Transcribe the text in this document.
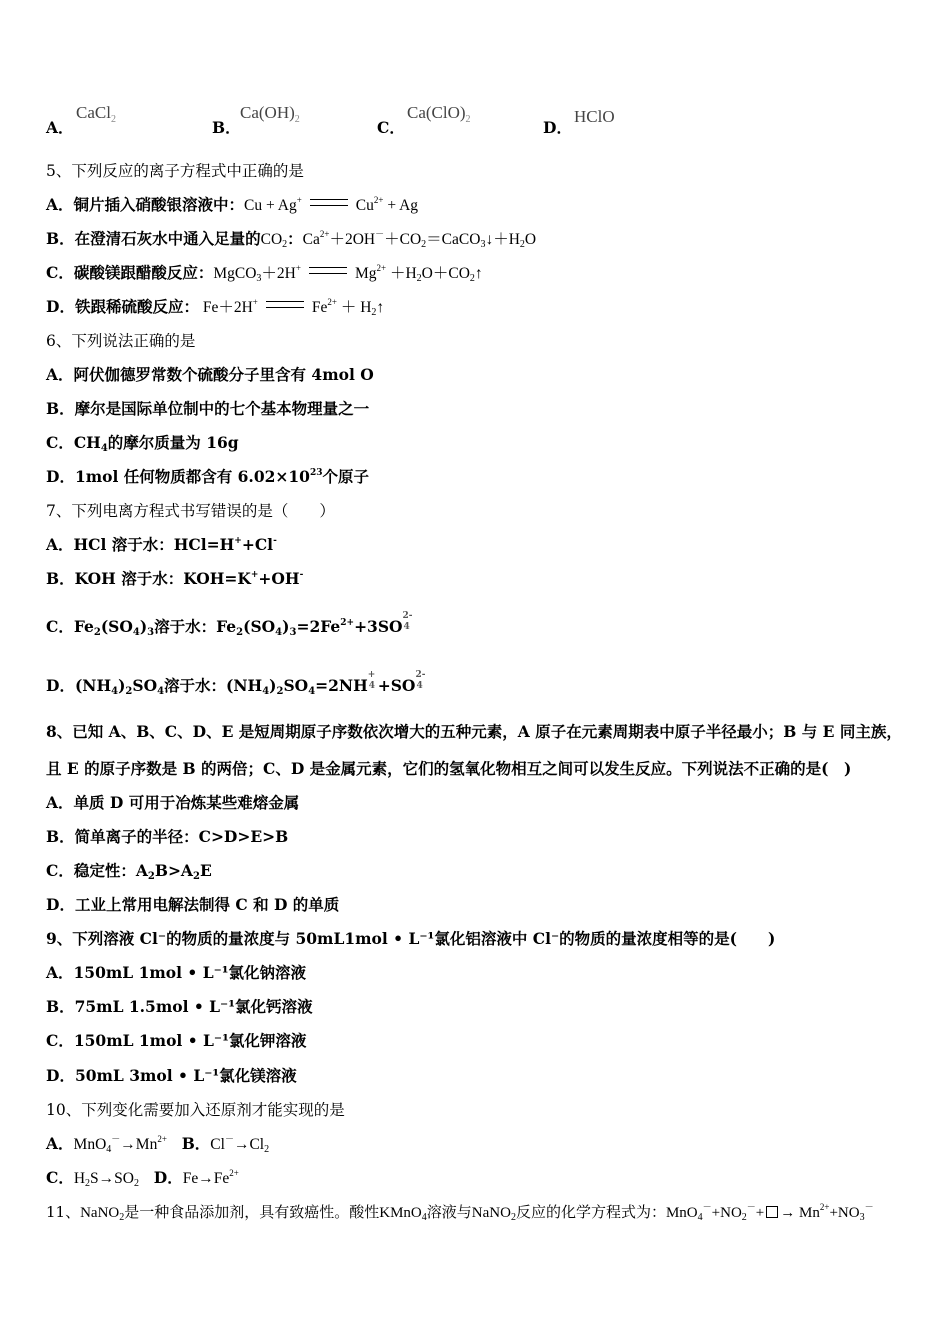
A．
CaCl$_2$	B．
$Ca(OH)_2$	C．
$Ca(ClO)_2$	D．
HClO
5、下列反应的离子方程式中正确的是
A．铜片插入硝酸银溶液中：Cu + Ag+	$Cu^{2+} + Ag$
B．在澄清石灰水中通入足量的$CO_2$：$Ca^{2+}+2OH^-+CO_2=CaCO_3↓+H_2O$
C．碳酸镁跟醋酸反应：MgCO$_3$＋2H+	$Mg^{2+}$ $+H_2O+CO_2↑$
D．铁跟稀硫酸反应： Fe＋2H+	$Fe^{2+}$ ＋ $H_2↑$
6、下列说法正确的是
A．阿伏伽德罗常数个硫酸分子里含有 4mol O
B．摩尔是国际单位制中的七个基本物理量之一
C．$CH_4$的摩尔质量为 16g
D．1mol 任何物质都含有 $6.02\times 10^{23}$个原子
7、下列电离方程式书写错误的是（　　）
A．HCl 溶于水：HCl=H++Cl-
B．KOH 溶于水：KOH=K++OH-
C．$Fe_2(SO_4)_3$溶于水：$Fe_2(SO_4)_3=2Fe^{2+}+3SO$
2-
4
D．$(NH_4)_2SO_4$溶于水：$(NH_4)_2SO_4=2NH$
+
4 +SO
2-
4
8、已知 A、B、C、D、E 是短周期原子序数依次增大的五种元素，A 原子在元素周期表中原子半径最小；B 与 E 同主族，
且 E 的原子序数是 B 的两倍；C、D 是金属元素，它们的氢氧化物相互之间可以发生反应。下列说法不正确的是(　)
A．单质 D 可用于冶炼某些难熔金属
B．简单离子的半径：C>D>E>B
C．稳定性：$A_2B>A_2E$
D．工业上常用电解法制得 C 和 D 的单质
9、下列溶液 Cl⁻的物质的量浓度与 50mL1mol • L⁻¹氯化铝溶液中 Cl⁻的物质的量浓度相等的是(　　)
A．150mL 1mol • L⁻¹氯化钠溶液
B．75mL 1.5mol • L⁻¹氯化钙溶液
C．150mL 1mol • L⁻¹氯化钾溶液
D．50mL 3mol • L⁻¹氯化镁溶液
10、下列变化需要加入还原剂才能实现的是
A．$MnO_4^-\to Mn^{2+}$ B．$Cl^-\to Cl_2$
C．$H_2S\to SO_2$ D．$Fe\to Fe^{2+}$
11、NaNO$_2$是一种食品添加剂，具有致癌性。酸性KMnO$_4$溶液与NaNO$_2$反应的化学方程式为：$MnO_4^-+NO_2^-+ \to Mn^{2+}+NO_3^-$
